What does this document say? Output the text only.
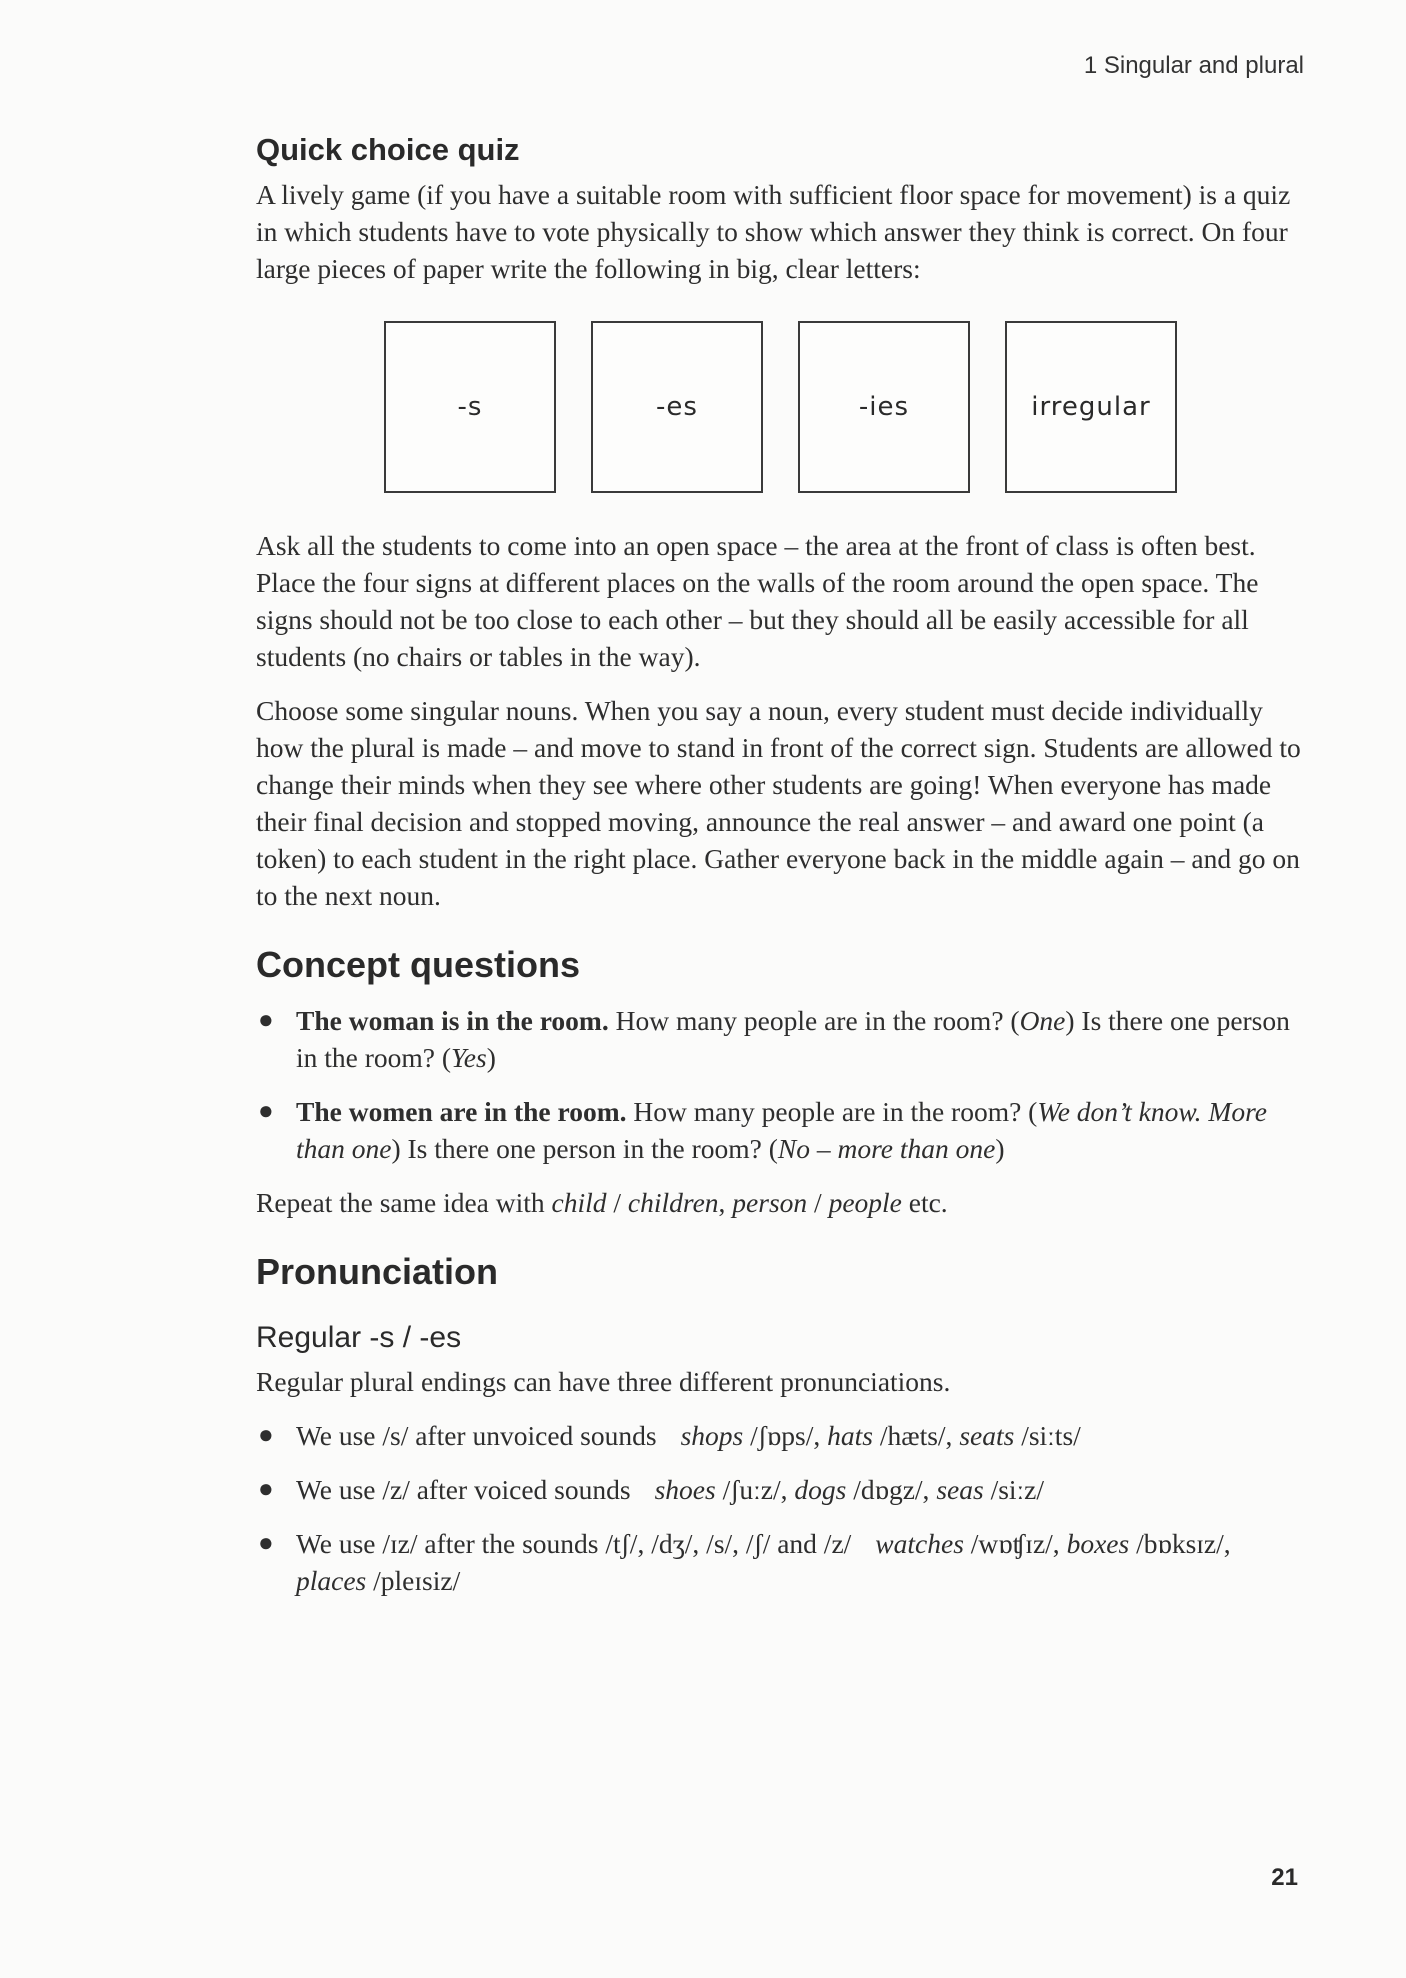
1 Singular and plural
Quick choice quiz

A lively game (if you have a suitable room with sufficient floor space for movement) is a quiz in which students have to vote physically to show which answer they think is correct. On four large pieces of paper write the following in big, clear letters:

-s	-es	-ies	irregular

Ask all the students to come into an open space – the area at the front of class is often best. Place the four signs at different places on the walls of the room around the open space. The signs should not be too close to each other – but they should all be easily accessible for all students (no chairs or tables in the way).

Choose some singular nouns. When you say a noun, every student must decide individually how the plural is made – and move to stand in front of the correct sign. Students are allowed to change their minds when they see where other students are going! When everyone has made their final decision and stopped moving, announce the real answer – and award one point (a token) to each student in the right place. Gather everyone back in the middle again – and go on to the next noun.

Concept questions
● The woman is in the room. How many people are in the room? (One) Is there one person in the room? (Yes)
● The women are in the room. How many people are in the room? (We don’t know. More than one) Is there one person in the room? (No – more than one)

Repeat the same idea with child / children, person / people etc.

Pronunciation
Regular -s / -es

Regular plural endings can have three different pronunciations.

● We use /s/ after unvoiced sounds shops /ʃɒps/, hats /hæts/, seats /siːts/
● We use /z/ after voiced sounds shoes /ʃuːz/, dogs /dɒgz/, seas /siːz/
● We use /ɪz/ after the sounds /tʃ/, /dʒ/, /s/, /ʃ/ and /z/ watches /wɒʧɪz/, boxes /bɒksɪz/, places /pleɪsiz/
21
